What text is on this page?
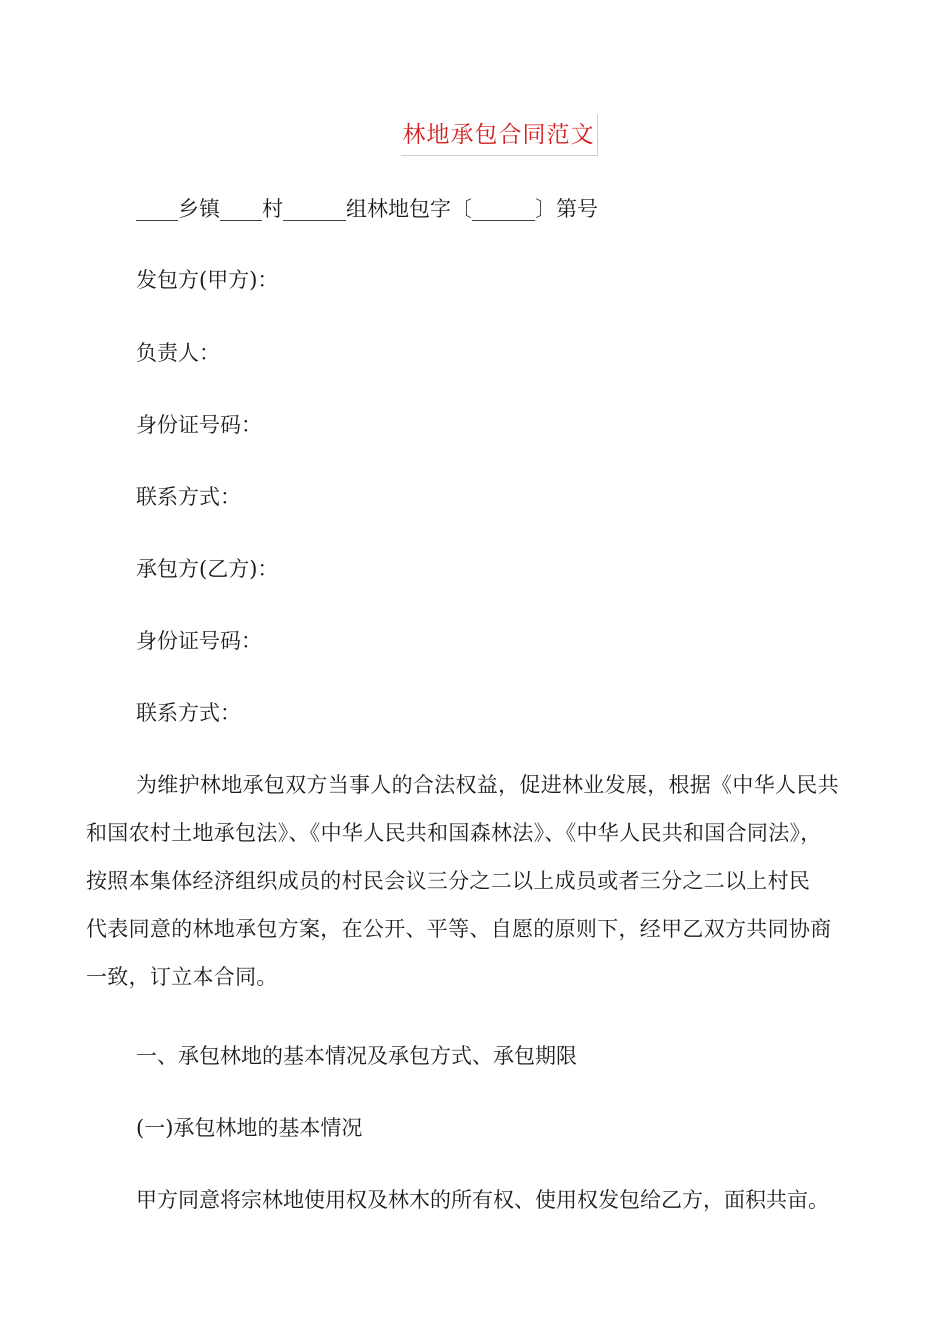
林地承包合同范文
____乡镇____村______组林地包字〔______〕第号
发包方(甲方)：
负责人：
身份证号码：
联系方式：
承包方(乙方)：
身份证号码：
联系方式：
为维护林地承包双方当事人的合法权益，促进林业发展，根据《中华人民共
和国农村土地承包法》、《中华人民共和国森林法》、《中华人民共和国合同法》，
按照本集体经济组织成员的村民会议三分之二以上成员或者三分之二以上村民
代表同意的林地承包方案，在公开、平等、自愿的原则下，经甲乙双方共同协商
一致，订立本合同。
一、承包林地的基本情况及承包方式、承包期限
(一)承包林地的基本情况
甲方同意将宗林地使用权及林木的所有权、使用权发包给乙方，面积共亩。
